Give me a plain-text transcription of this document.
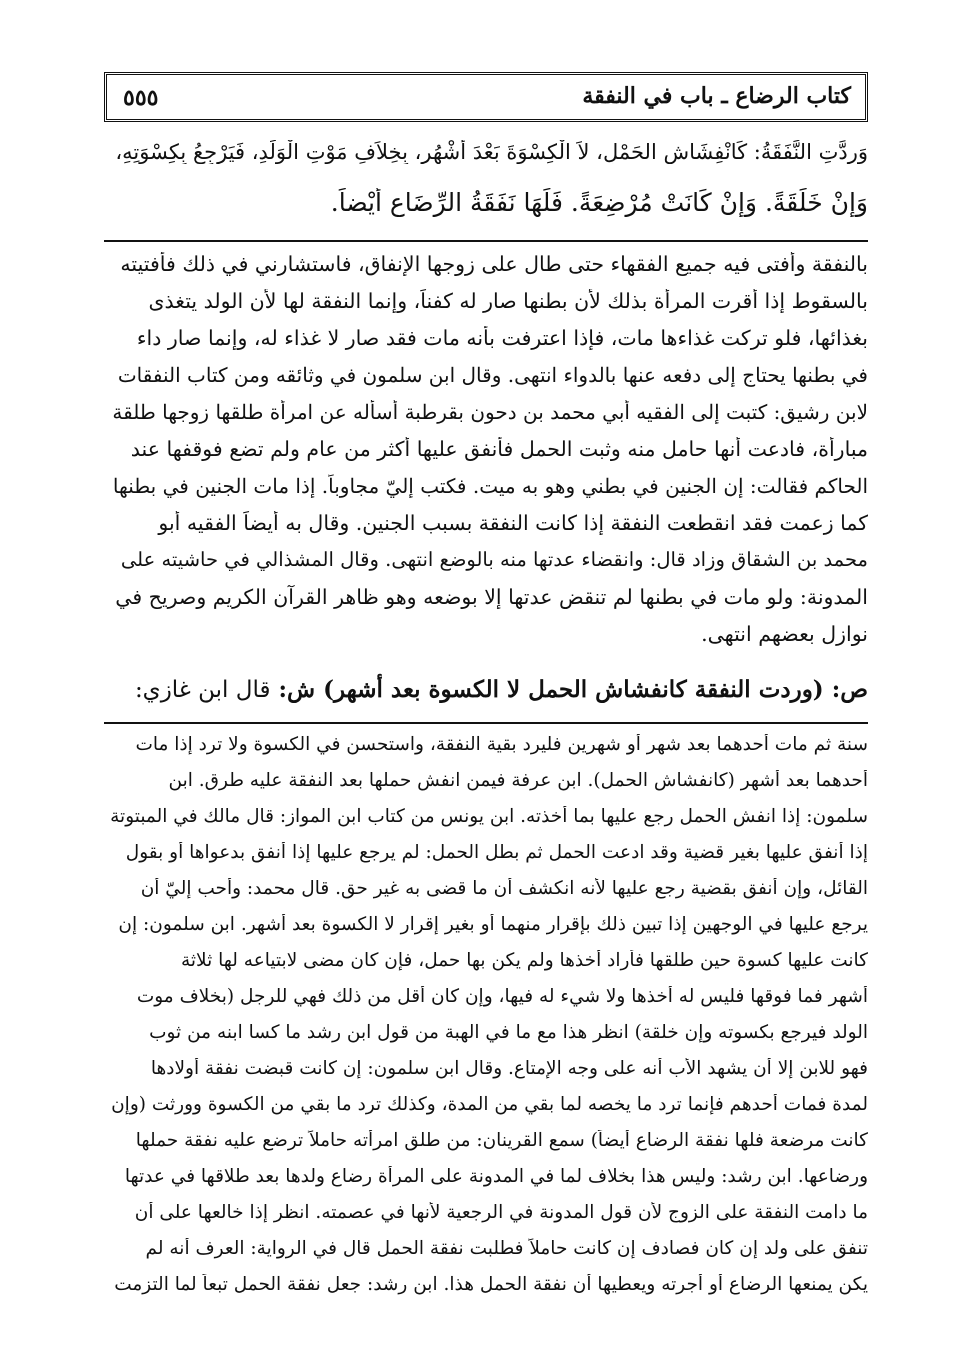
كتاب الرضاع ـ باب في النفقة
٥٥٥
وَرِدَّتِ النَّفَقَةُ: كَانْفِشَاشِ الحَمْلِ، لاَ الْكِسْوَةَ بَعْدَ أَشْهُرٍ، بِخِلاَفِ مَوْتِ الْوَلَدِ، فَيَرْجِعُ بِكِسْوَتِهِ،
وَإِنْ خَلَقَةً. وَإِنْ كَانَتْ مُرْضِعَةً. فَلَهَا نَفَقَةُ الرِّضَاعِ أَيْضاً.
بالنفقة وأفتى فيه جميع الفقهاء حتى طال على زوجها الإنفاق، فاستشارني في ذلك فأفتيته
بالسقوط إذا أقرت المرأة بذلك لأن بطنها صار له كفناً، وإنما النفقة لها لأن الولد يتغذى
بغذائها، فلو تركت غذاءها مات، فإذا اعترفت بأنه مات فقد صار لا غذاء له، وإنما صار داء
في بطنها يحتاج إلى دفعه عنها بالدواء انتهى. وقال ابن سلمون في وثائقه ومن كتاب النفقات
لابن رشيق: كتبت إلى الفقيه أبي محمد بن دحون بقرطبة أسأله عن امرأة طلقها زوجها طلقة
مبارأة، فادعت أنها حامل منه وثبت الحمل فأنفق عليها أكثر من عام ولم تضع فوقفها عند
الحاكم فقالت: إن الجنين في بطني وهو به ميت. فكتب إليّ مجاوباً. إذا مات الجنين في بطنها
كما زعمت فقد انقطعت النفقة إذا كانت النفقة بسبب الجنين. وقال به أيضاً الفقيه أبو
محمد بن الشقاق وزاد قال: وانقضاء عدتها منه بالوضع انتهى. وقال المشذالي في حاشيته على
المدونة: ولو مات في بطنها لم تنقض عدتها إلا بوضعه وهو ظاهر القرآن الكريم وصريح في
نوازل بعضهم انتهى.
ص: (وردت النفقة كانفشاش الحمل لا الكسوة بعد أشهر) ش: قال ابن غازي:
سنة ثم مات أحدهما بعد شهر أو شهرين فليرد بقية النفقة، واستحسن في الكسوة ولا ترد إذا مات
أحدهما بعد أشهر (كانفشاش الحمل). ابن عرفة فيمن انفش حملها بعد النفقة عليه طرق. ابن
سلمون: إذا انفش الحمل رجع عليها بما أخذته. ابن يونس من كتاب ابن المواز: قال مالك في المبتوتة
إذا أنفق عليها بغير قضية وقد ادعت الحمل ثم بطل الحمل: لم يرجع عليها إذا أنفق بدعواها أو بقول
القائل، وإن أنفق بقضية رجع عليها لأنه انكشف أن ما قضى به غير حق. قال محمد: وأحب إليّ أن
يرجع عليها في الوجهين إذا تبين ذلك بإقرار منهما أو بغير إقرار لا الكسوة بعد أشهر. ابن سلمون: إن
كانت عليها كسوة حين طلقها فأراد أخذها ولم يكن بها حمل، فإن كان مضى لابتياعه لها ثلاثة
أشهر فما فوقها فليس له أخذها ولا شيء له فيها، وإن كان أقل من ذلك فهي للرجل (بخلاف موت
الولد فيرجع بكسوته وإن خلقة) انظر هذا مع ما في الهبة من قول ابن رشد ما كسا ابنه من ثوب
فهو للابن إلا أن يشهد الأب أنه على وجه الإمتاع. وقال ابن سلمون: إن كانت قبضت نفقة أولادها
لمدة فمات أحدهم فإنما ترد ما يخصه لما بقي من المدة، وكذلك ترد ما بقي من الكسوة وورثت (وإن
كانت مرضعة فلها نفقة الرضاع أيضاً) سمع القرينان: من طلق امرأته حاملاً ترضع عليه نفقة حملها
ورضاعها. ابن رشد: وليس هذا بخلاف لما في المدونة على المرأة رضاع ولدها بعد طلاقها في عدتها
ما دامت النفقة على الزوج لأن قول المدونة في الرجعية لأنها في عصمته. انظر إذا خالعها على أن
تنفق على ولد إن كان فصادف إن كانت حاملاً فطلبت نفقة الحمل قال في الرواية: العرف أنه لم
يكن يمنعها الرضاع أو أجرته ويعطيها أن نفقة الحمل هذا. ابن رشد: جعل نفقة الحمل تبعاً لما التزمت
